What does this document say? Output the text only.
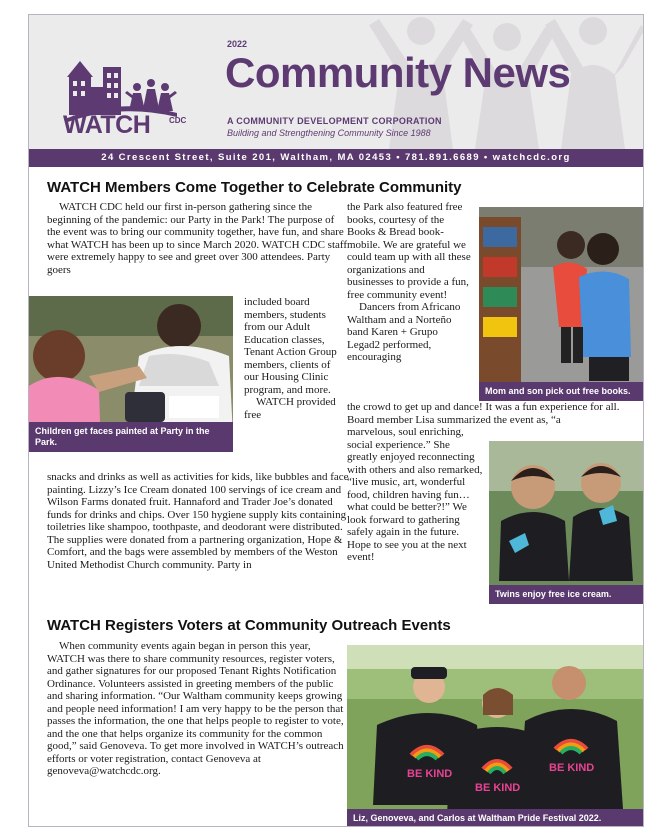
WATCH CDC
2022
Community News
A COMMUNITY DEVELOPMENT CORPORATION
Building and Strengthening Community Since 1988
24 Crescent Street, Suite 201, Waltham, MA 02453 • 781.891.6689 • watchcdc.org
WATCH Members Come Together to Celebrate Community

WATCH CDC held our first in-person gathering since the beginning of the pandemic: our Party in the Park! The purpose of the event was to bring our community together, have fun, and share what WATCH has been up to since March 2020. WATCH CDC staff were extremely happy to see and greet over 300 attendees. Party goers

Children get faces painted at Party in the Park.

included board members, students from our Adult Education classes, Tenant Action Group members, clients of our Housing Clinic program, and more.

WATCH provided free

snacks and drinks as well as activities for kids, like bubbles and face painting. Lizzy’s Ice Cream donated 100 servings of ice cream and Wilson Farms donated fruit. Hannaford and Trader Joe’s donated funds for drinks and chips. Over 150 hygiene supply kits containing toiletries like shampoo, toothpaste, and deodorant were distributed. The supplies were donated from a partnering organization, Hope & Comfort, and the bags were assembled by members of the Weston United Methodist Church community. Party in

the Park also featured free books, courtesy of the Books & Bread book-mobile. We are grateful we could team up with all these organizations and businesses to provide a fun, free community event!

Dancers from Africano Waltham and a Norteño band Karen + Grupo Legad2 performed, encouraging

Mom and son pick out free books.

the crowd to get up and dance! It was a fun experience for all. Board member Lisa summarized the event as, “a

marvelous, soul enriching, social experience.” She greatly enjoyed reconnecting with others and also remarked, “live music, art, wonderful food, children having fun…what could be better?!” We look forward to gathering safely again in the future. Hope to see you at the next event!

Twins enjoy free ice cream.
WATCH Registers Voters at Community Outreach Events

When community events again began in person this year, WATCH was there to share community resources, register voters, and gather signatures for our proposed Tenant Rights Notification Ordinance. Volunteers assisted in greeting members of the public and sharing information. “Our Waltham community keeps growing and people need information! I am very happy to be the person that passes the information, the one that helps people to register to vote, and the one that helps organize its community for the common good,” said Genoveva. To get more involved in WATCH’s outreach efforts or voter registration, contact Genoveva at genoveva@watchcdc.org.	BE KIND
BE KIND
BE KIND
Liz, Genoveva, and Carlos at Waltham Pride Festival 2022.
